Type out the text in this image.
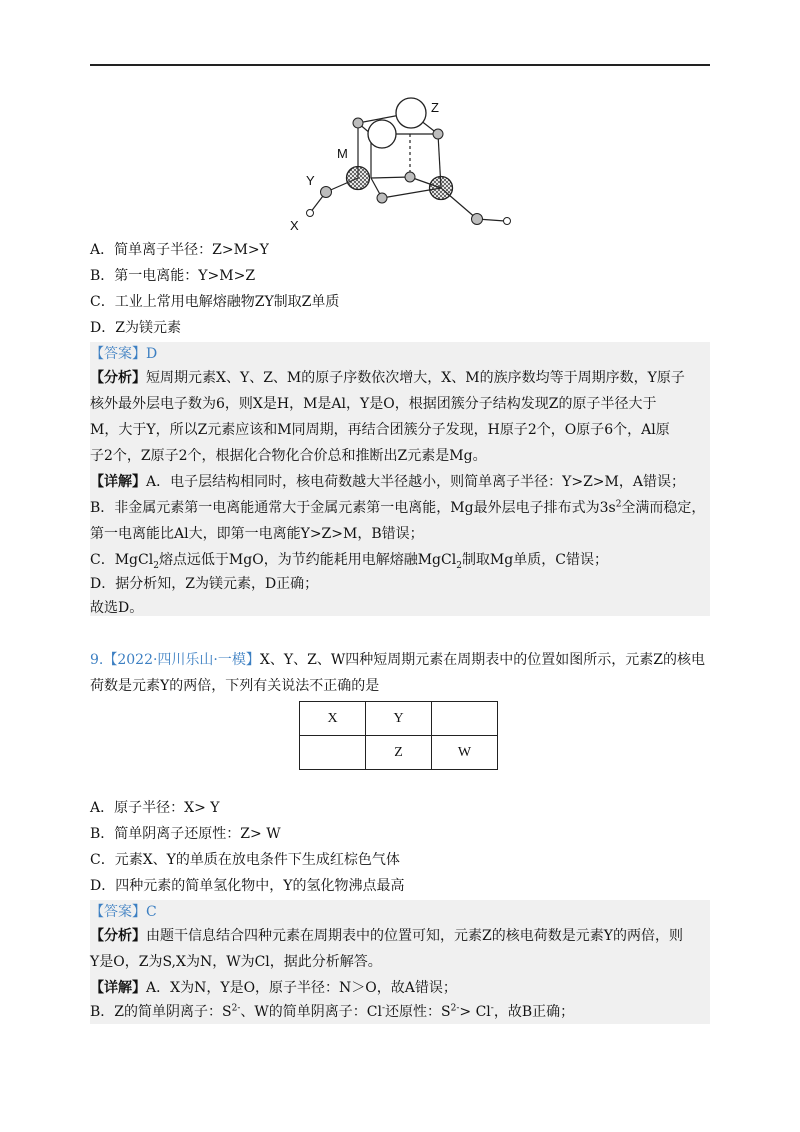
Z
M
Y
X
A．简单离子半径：Z>M>Y
B．第一电离能：Y>M>Z
C．工业上常用电解熔融物ZY制取Z单质
D．Z为镁元素
【答案】D
【分析】短周期元素X、Y、Z、M的原子序数依次增大，X、M的族序数均等于周期序数，Y原子
核外最外层电子数为6，则X是H，M是Al，Y是O，根据团簇分子结构发现Z的原子半径大于
M，大于Y，所以Z元素应该和M同周期，再结合团簇分子发现，H原子2个，O原子6个，Al原
子2个，Z原子2个，根据化合物化合价总和推断出Z元素是Mg。
【详解】A．电子层结构相同时，核电荷数越大半径越小，则简单离子半径：Y>Z>M，A错误；
B．非金属元素第一电离能通常大于金属元素第一电离能，Mg最外层电子排布式为$3s^2$全满而稳定，
第一电离能比Al大，即第一电离能Y>Z>M，B错误；
C．MgCl$_2$熔点远低于MgO，为节约能耗用电解熔融MgCl$_2$制取Mg单质，C错误；
D．据分析知，Z为镁元素，D正确；
故选D。
9.【2022·四川乐山·一模】X、Y、Z、W四种短周期元素在周期表中的位置如图所示，元素Z的核电
荷数是元素Y的两倍，下列有关说法不正确的是
X	Y	
	Z	W
A．原子半径：X> Y
B．简单阴离子还原性：Z> W
C．元素X、Y的单质在放电条件下生成红棕色气体
D．四种元素的简单氢化物中，Y的氢化物沸点最高
【答案】C
【分析】由题干信息结合四种元素在周期表中的位置可知，元素Z的核电荷数是元素Y的两倍，则
Y是O，Z为S,X为N，W为Cl，据此分析解答。
【详解】A．X为N，Y是O，原子半径：N＞O，故A错误；
B．Z的简单阴离子：$S^{2-}$、W的简单阴离子：Cl-还原性：$S^{2-}> Cl^-$，故B正确；
